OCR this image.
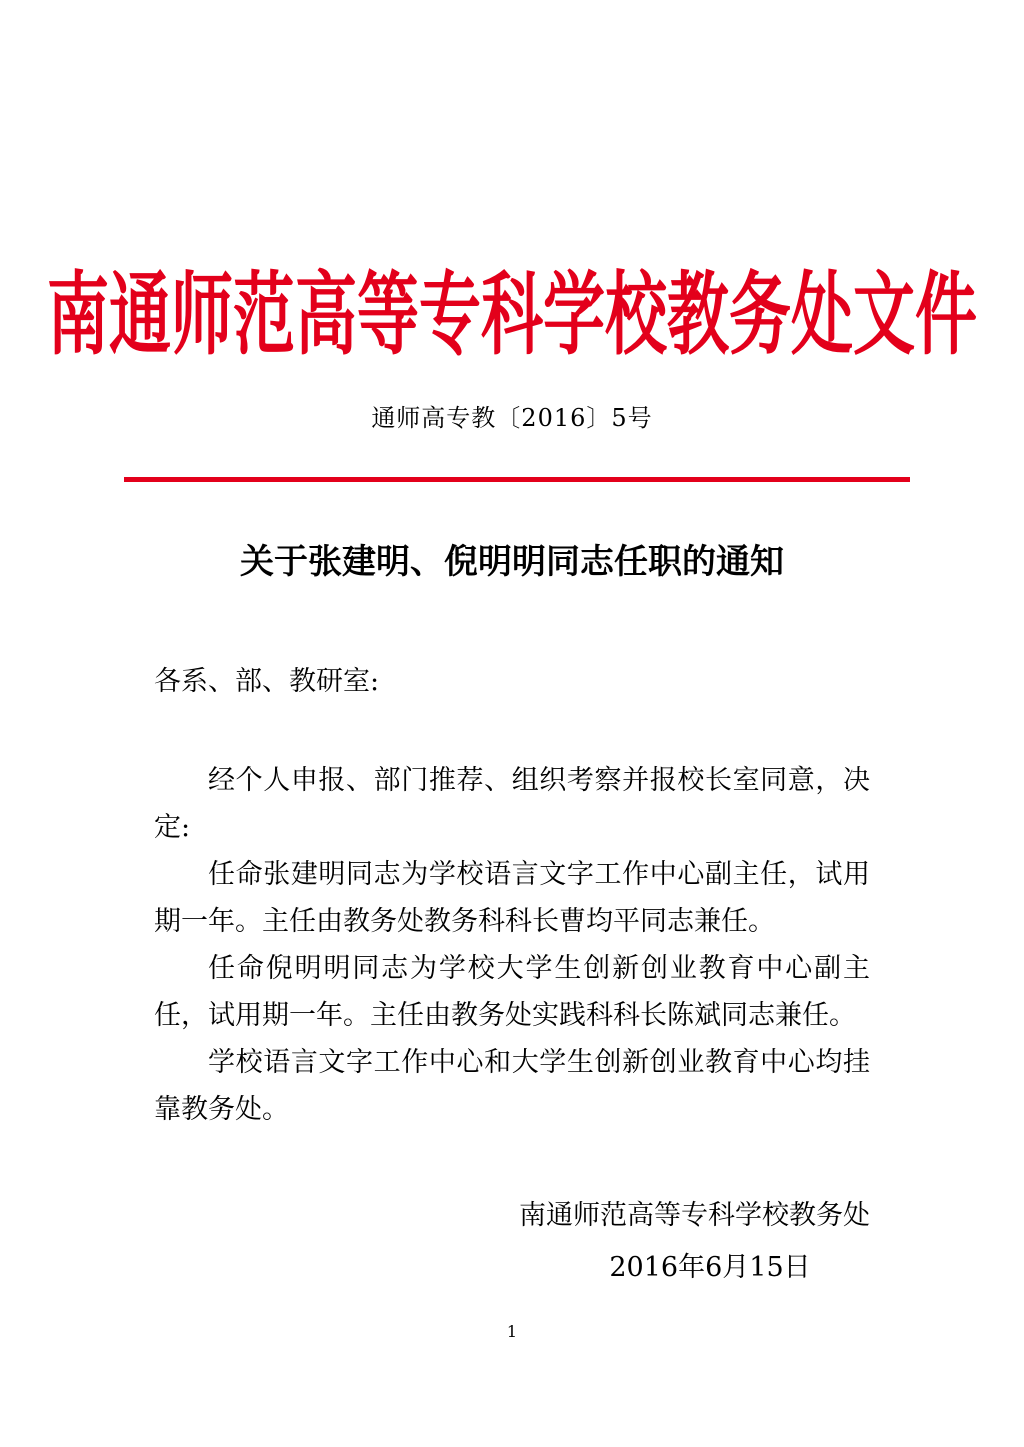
南通师范高等专科学校教务处文件
通师高专教〔2016〕5号
关于张建明、倪明明同志任职的通知
各系、部、教研室:

经个人申报、部门推荐、组织考察并报校长室同意，决定:

任命张建明同志为学校语言文字工作中心副主任，试用期一年。主任由教务处教务科科长曹均平同志兼任。

任命倪明明同志为学校大学生创新创业教育中心副主任，试用期一年。主任由教务处实践科科长陈斌同志兼任。

学校语言文字工作中心和大学生创新创业教育中心均挂靠教务处。

南通师范高等专科学校教务处
2016年6月15日
1
